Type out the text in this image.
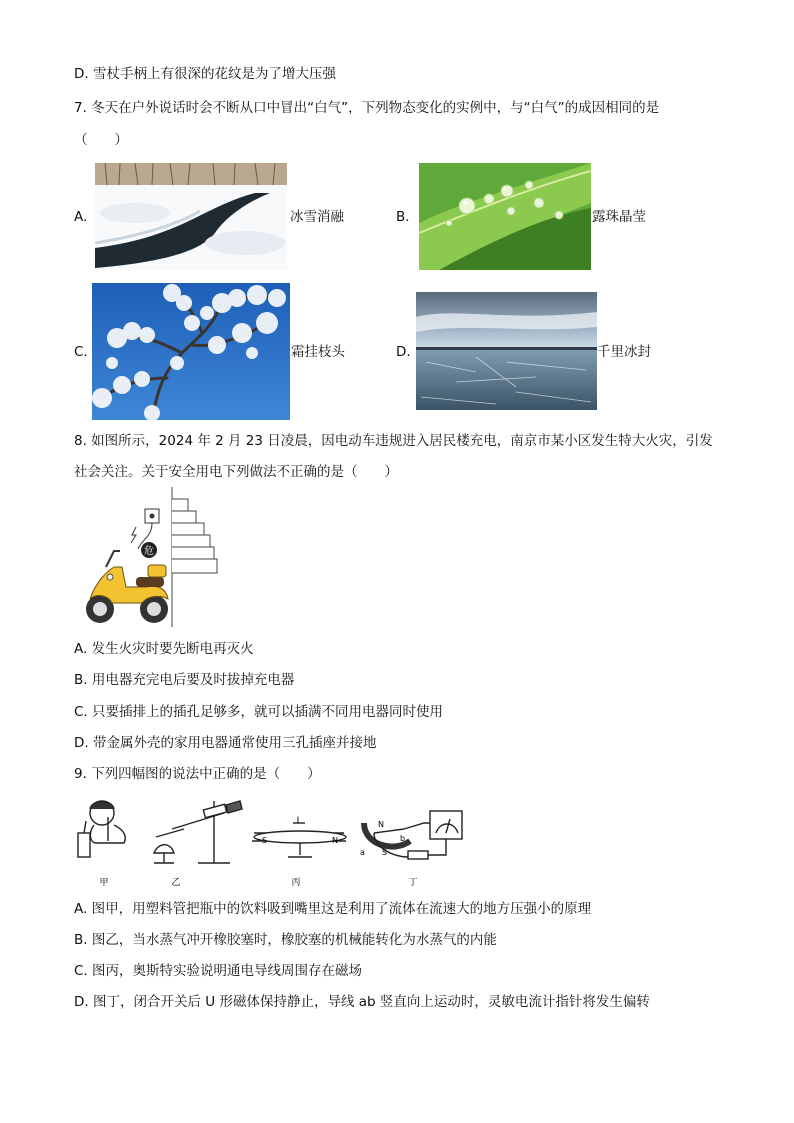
D. 雪杖手柄上有很深的花纹是为了增大压强
7. 冬天在户外说话时会不断从口中冒出“白气”，下列物态变化的实例中，与“白气”的成因相同的是
（　　）
A.	冰雪消融	B.	露珠晶莹
C.	霜挂枝头	D.	千里冰封
8. 如图所示，2024 年 2 月 23 日凌晨，因电动车违规进入居民楼充电，南京市某小区发生特大火灾，引发
社会关注。关于安全用电下列做法不正确的是（　　）
危
A. 发生火灾时要先断电再灭火
B. 用电器充完电后要及时拔掉充电器
C. 只要插排上的插孔足够多，就可以插满不同用电器同时使用
D. 带金属外壳的家用电器通常使用三孔插座并接地
9. 下列四幅图的说法中正确的是（　　）
I
S	N
N
b
a S
甲	乙	丙	丁
A. 图甲，用塑料管把瓶中的饮料吸到嘴里这是利用了流体在流速大的地方压强小的原理
B. 图乙，当水蒸气冲开橡胶塞时，橡胶塞的机械能转化为水蒸气的内能
C. 图丙，奥斯特实验说明通电导线周围存在磁场
D. 图丁，闭合开关后 U 形磁体保持静止，导线 ab 竖直向上运动时，灵敏电流计指针将发生偏转
